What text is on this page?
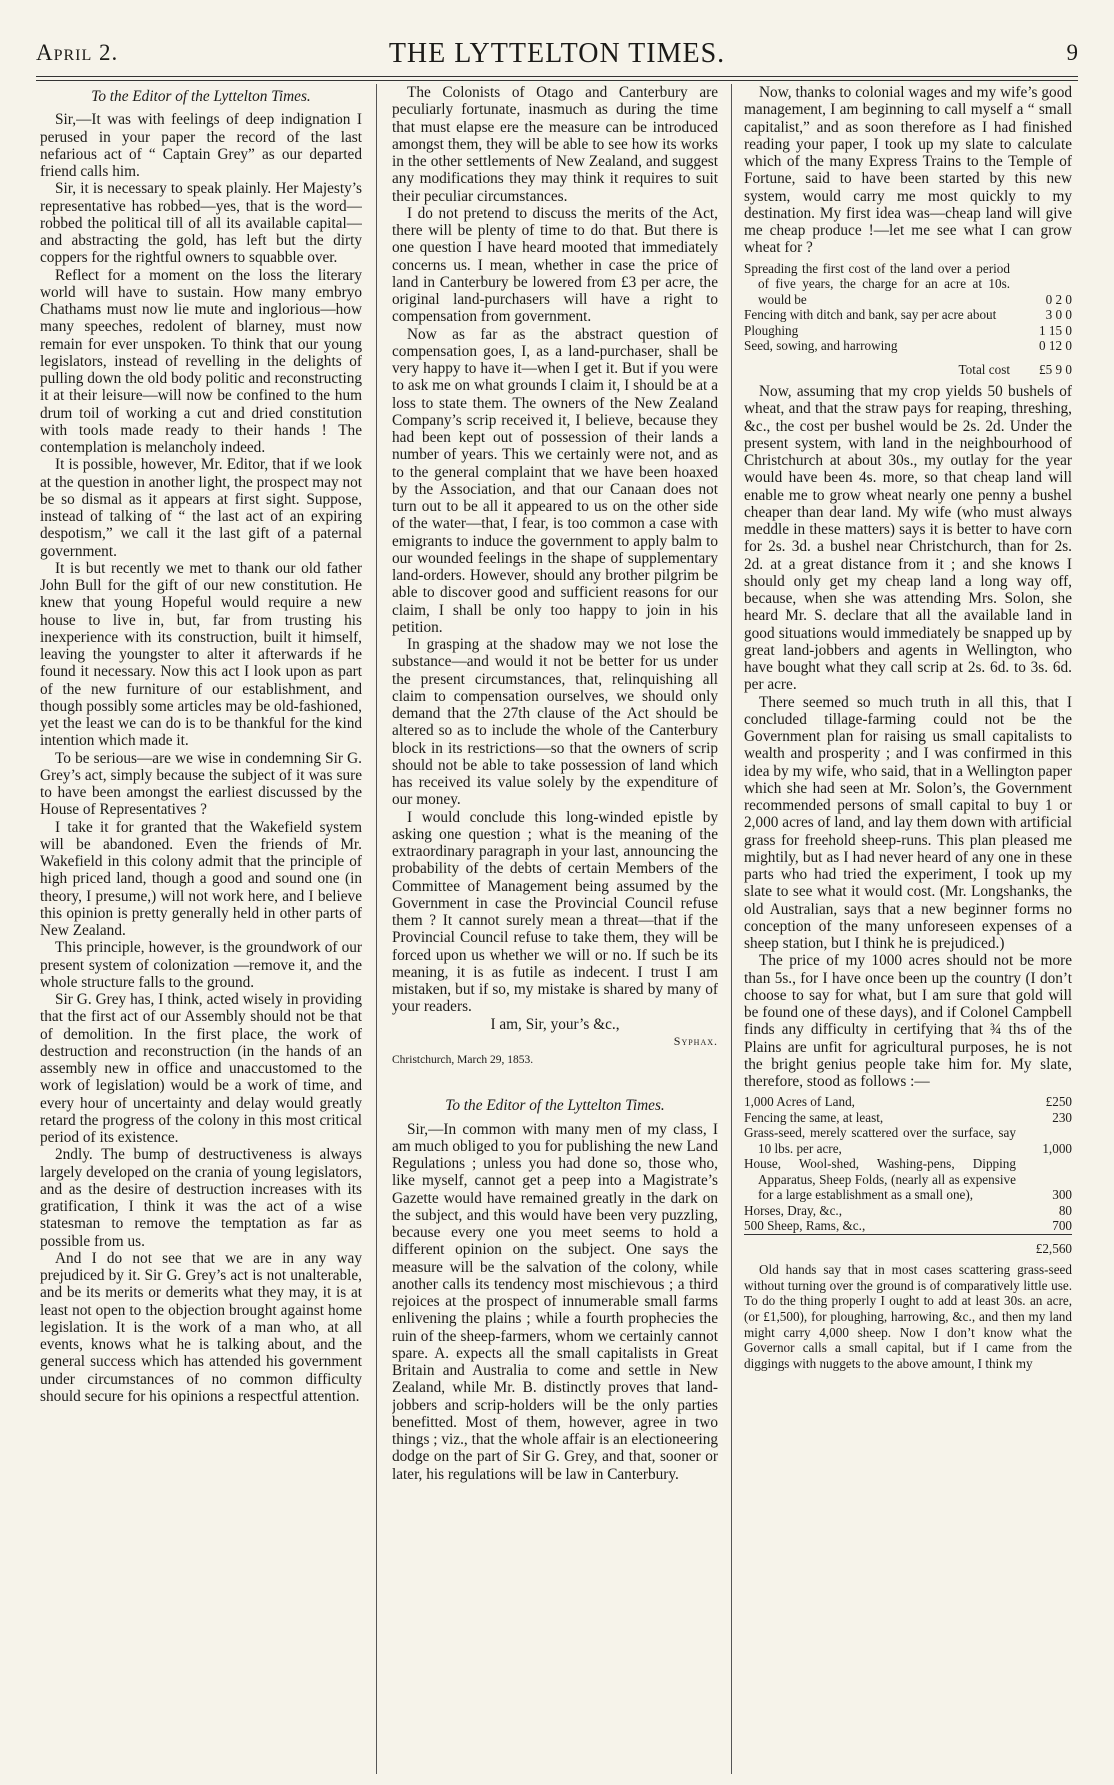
April 2.	THE LYTTELTON TIMES.	9

To the Editor of the Lyttelton Times.

Sir,—It was with feelings of deep indignation I perused in your paper the record of the last nefarious act of “ Captain Grey” as our departed friend calls him.

Sir, it is necessary to speak plainly. Her Majesty’s representative has robbed—yes, that is the word—robbed the political till of all its available capital—and abstracting the gold, has left but the dirty coppers for the rightful owners to squabble over.

Reflect for a moment on the loss the literary world will have to sustain. How many embryo Chathams must now lie mute and inglorious—how many speeches, redolent of blarney, must now remain for ever unspoken. To think that our young legislators, instead of revelling in the delights of pulling down the old body politic and reconstructing it at their leisure—will now be confined to the hum drum toil of working a cut and dried constitution with tools made ready to their hands ! The contemplation is melancholy indeed.

It is possible, however, Mr. Editor, that if we look at the question in another light, the prospect may not be so dismal as it appears at first sight. Suppose, instead of talking of “ the last act of an expiring despotism,” we call it the last gift of a paternal government.

It is but recently we met to thank our old father John Bull for the gift of our new constitution. He knew that young Hopeful would require a new house to live in, but, far from trusting his inexperience with its construction, built it himself, leaving the youngster to alter it afterwards if he found it necessary. Now this act I look upon as part of the new furniture of our establishment, and though possibly some articles may be old-fashioned, yet the least we can do is to be thankful for the kind intention which made it.

To be serious—are we wise in condemning Sir G. Grey’s act, simply because the subject of it was sure to have been amongst the earliest discussed by the House of Representatives ?

I take it for granted that the Wakefield system will be abandoned. Even the friends of Mr. Wakefield in this colony admit that the principle of high priced land, though a good and sound one (in theory, I presume,) will not work here, and I believe this opinion is pretty generally held in other parts of New Zealand.

This principle, however, is the groundwork of our present system of colonization —remove it, and the whole structure falls to the ground.

Sir G. Grey has, I think, acted wisely in providing that the first act of our Assembly should not be that of demolition. In the first place, the work of destruction and reconstruction (in the hands of an assembly new in office and unaccustomed to the work of legislation) would be a work of time, and every hour of uncertainty and delay would greatly retard the progress of the colony in this most critical period of its existence.

2ndly. The bump of destructiveness is always largely developed on the crania of young legislators, and as the desire of destruction increases with its gratification, I think it was the act of a wise statesman to remove the temptation as far as possible from us.

And I do not see that we are in any way prejudiced by it. Sir G. Grey’s act is not unalterable, and be its merits or demerits what they may, it is at least not open to the objection brought against home legislation. It is the work of a man who, at all events, knows what he is talking about, and the general success which has attended his government under circumstances of no common difficulty should secure for his opinions a respectful attention.

The Colonists of Otago and Canterbury are peculiarly fortunate, inasmuch as during the time that must elapse ere the measure can be introduced amongst them, they will be able to see how its works in the other settlements of New Zealand, and suggest any modifications they may think it requires to suit their peculiar circumstances.

I do not pretend to discuss the merits of the Act, there will be plenty of time to do that. But there is one question I have heard mooted that immediately concerns us. I mean, whether in case the price of land in Canterbury be lowered from £3 per acre, the original land-purchasers will have a right to compensation from government.

Now as far as the abstract question of compensation goes, I, as a land-purchaser, shall be very happy to have it—when I get it. But if you were to ask me on what grounds I claim it, I should be at a loss to state them. The owners of the New Zealand Company’s scrip received it, I believe, because they had been kept out of possession of their lands a number of years. This we certainly were not, and as to the general complaint that we have been hoaxed by the Association, and that our Canaan does not turn out to be all it appeared to us on the other side of the water—that, I fear, is too common a case with emigrants to induce the government to apply balm to our wounded feelings in the shape of supplementary land-orders. However, should any brother pilgrim be able to discover good and sufficient reasons for our claim, I shall be only too happy to join in his petition.

In grasping at the shadow may we not lose the substance—and would it not be better for us under the present circumstances, that, relinquishing all claim to compensation ourselves, we should only demand that the 27th clause of the Act should be altered so as to include the whole of the Canterbury block in its restrictions—so that the owners of scrip should not be able to take possession of land which has received its value solely by the expenditure of our money.

I would conclude this long-winded epistle by asking one question ; what is the meaning of the extraordinary paragraph in your last, announcing the probability of the debts of certain Members of the Committee of Management being assumed by the Government in case the Provincial Council refuse them ? It cannot surely mean a threat—that if the Provincial Council refuse to take them, they will be forced upon us whether we will or no. If such be its meaning, it is as futile as indecent. I trust I am mistaken, but if so, my mistake is shared by many of your readers.

I am, Sir, your’s &c.,

Syphax.

Christchurch, March 29, 1853.

To the Editor of the Lyttelton Times.

Sir,—In common with many men of my class, I am much obliged to you for publishing the new Land Regulations ; unless you had done so, those who, like myself, cannot get a peep into a Magistrate’s Gazette would have remained greatly in the dark on the subject, and this would have been very puzzling, because every one you meet seems to hold a different opinion on the subject. One says the measure will be the salvation of the colony, while another calls its tendency most mischievous ; a third rejoices at the prospect of innumerable small farms enlivening the plains ; while a fourth prophecies the ruin of the sheep-farmers, whom we certainly cannot spare. A. expects all the small capitalists in Great Britain and Australia to come and settle in New Zealand, while Mr. B. distinctly proves that land-jobbers and scrip-holders will be the only parties benefitted. Most of them, however, agree in two things ; viz., that the whole affair is an electioneering dodge on the part of Sir G. Grey, and that, sooner or later, his regulations will be law in Canterbury.

Now, thanks to colonial wages and my wife’s good management, I am beginning to call myself a “ small capitalist,” and as soon therefore as I had finished reading your paper, I took up my slate to calculate which of the many Express Trains to the Temple of Fortune, said to have been started by this new system, would carry me most quickly to my destination. My first idea was—cheap land will give me cheap produce !—let me see what I can grow wheat for ?

Spreading the first cost of the land over a period of five years, the charge for an acre at 10s. would be	0 2 0
Fencing with ditch and bank, say per acre about	3 0 0
Ploughing	1 15 0
Seed, sowing, and harrowing	0 12 0
Total cost	£5 9 0

Now, assuming that my crop yields 50 bushels of wheat, and that the straw pays for reaping, threshing, &c., the cost per bushel would be 2s. 2d. Under the present system, with land in the neighbourhood of Christchurch at about 30s., my outlay for the year would have been 4s. more, so that cheap land will enable me to grow wheat nearly one penny a bushel cheaper than dear land. My wife (who must always meddle in these matters) says it is better to have corn for 2s. 3d. a bushel near Christchurch, than for 2s. 2d. at a great distance from it ; and she knows I should only get my cheap land a long way off, because, when she was attending Mrs. Solon, she heard Mr. S. declare that all the available land in good situations would immediately be snapped up by great land-jobbers and agents in Wellington, who have bought what they call scrip at 2s. 6d. to 3s. 6d. per acre.

There seemed so much truth in all this, that I concluded tillage-farming could not be the Government plan for raising us small capitalists to wealth and prosperity ; and I was confirmed in this idea by my wife, who said, that in a Wellington paper which she had seen at Mr. Solon’s, the Government recommended persons of small capital to buy 1 or 2,000 acres of land, and lay them down with artificial grass for freehold sheep-runs. This plan pleased me mightily, but as I had never heard of any one in these parts who had tried the experiment, I took up my slate to see what it would cost. (Mr. Longshanks, the old Australian, says that a new beginner forms no conception of the many unforeseen expenses of a sheep station, but I think he is prejudiced.)

The price of my 1000 acres should not be more than 5s., for I have once been up the country (I don’t choose to say for what, but I am sure that gold will be found one of these days), and if Colonel Campbell finds any difficulty in certifying that ¾ ths of the Plains are unfit for agricultural purposes, he is not the bright genius people take him for. My slate, therefore, stood as follows :—

1,000 Acres of Land,	£250
Fencing the same, at least,	230
Grass-seed, merely scattered over the surface, say 10 lbs. per acre,	1,000
House, Wool-shed, Washing-pens, Dipping Apparatus, Sheep Folds, (nearly all as expensive for a large establishment as a small one),	300
Horses, Dray, &c.,	80
500 Sheep, Rams, &c.,	700
	£2,560

Old hands say that in most cases scattering grass-seed without turning over the ground is of comparatively little use. To do the thing properly I ought to add at least 30s. an acre, (or £1,500), for ploughing, harrowing, &c., and then my land might carry 4,000 sheep. Now I don’t know what the Governor calls a small capital, but if I came from the diggings with nuggets to the above amount, I think my
